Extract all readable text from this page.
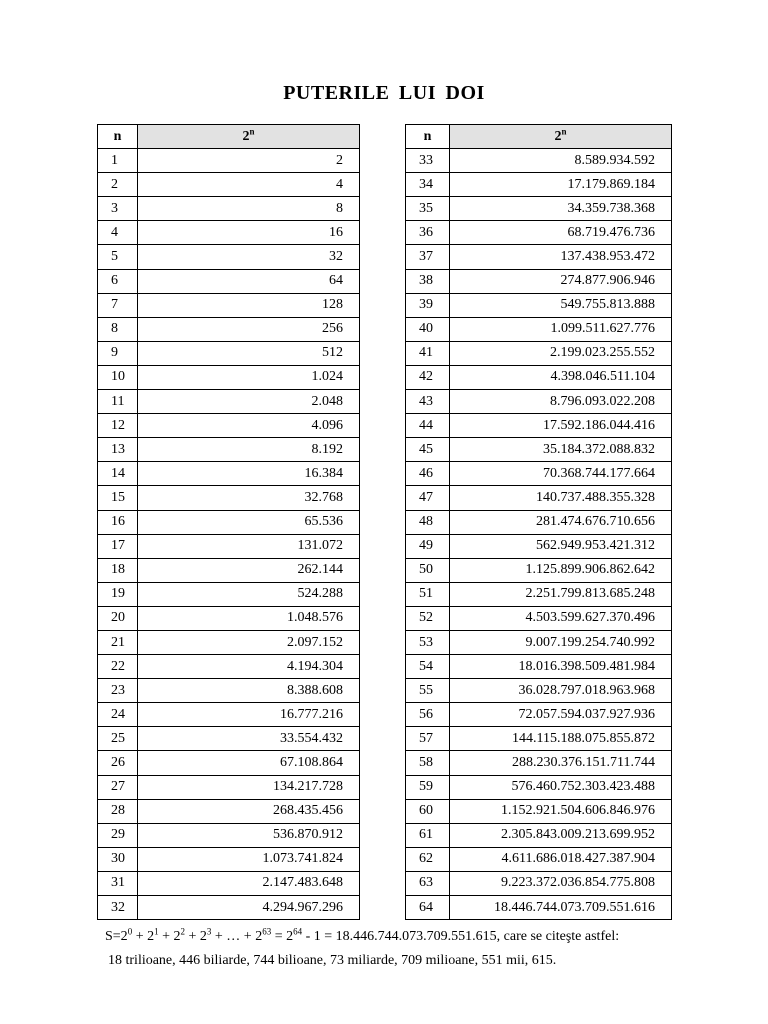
PUTERILE LUI DOI
n	2$^n$
1	2
2	4
3	8
4	16
5	32
6	64
7	128
8	256
9	512
10	1.024
11	2.048
12	4.096
13	8.192
14	16.384
15	32.768
16	65.536
17	131.072
18	262.144
19	524.288
20	1.048.576
21	2.097.152
22	4.194.304
23	8.388.608
24	16.777.216
25	33.554.432
26	67.108.864
27	134.217.728
28	268.435.456
29	536.870.912
30	1.073.741.824
31	2.147.483.648
32	4.294.967.296
n	2$^n$
33	8.589.934.592
34	17.179.869.184
35	34.359.738.368
36	68.719.476.736
37	137.438.953.472
38	274.877.906.946
39	549.755.813.888
40	1.099.511.627.776
41	2.199.023.255.552
42	4.398.046.511.104
43	8.796.093.022.208
44	17.592.186.044.416
45	35.184.372.088.832
46	70.368.744.177.664
47	140.737.488.355.328
48	281.474.676.710.656
49	562.949.953.421.312
50	1.125.899.906.862.642
51	2.251.799.813.685.248
52	4.503.599.627.370.496
53	9.007.199.254.740.992
54	18.016.398.509.481.984
55	36.028.797.018.963.968
56	72.057.594.037.927.936
57	144.115.188.075.855.872
58	288.230.376.151.711.744
59	576.460.752.303.423.488
60	1.152.921.504.606.846.976
61	2.305.843.009.213.699.952
62	4.611.686.018.427.387.904
63	9.223.372.036.854.775.808
64	18.446.744.073.709.551.616
$S=2^0 + 2^1 + 2^2 + 2^3$ + … + $2^{63} = 2^{64} - 1 = 18.446.744.073.709.551.615$, care se citeşte astfel:
18 trilioane, 446 biliarde, 744 bilioane, 73 miliarde, 709 milioane, 551 mii, 615.
